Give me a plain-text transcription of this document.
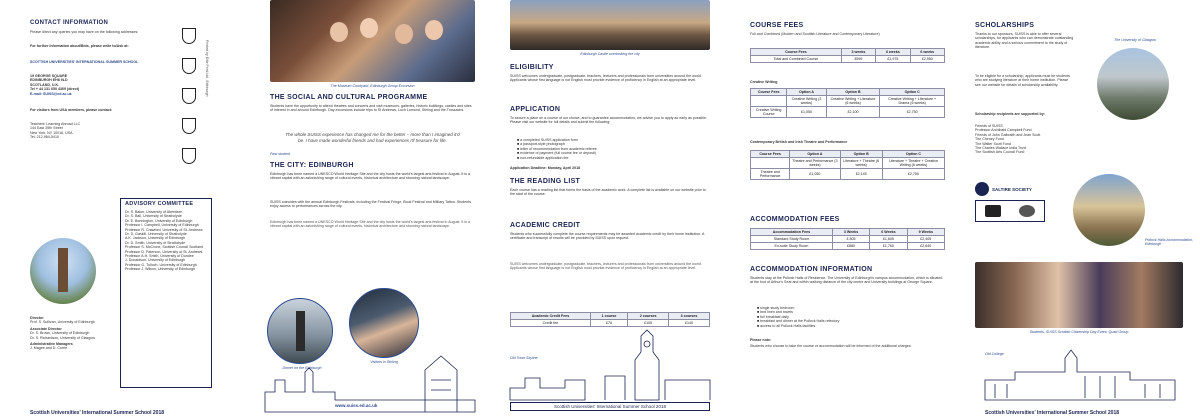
CONTACT INFORMATION
Please direct any queries you may have on the following addresses:
For further information about/Bids, please write to/Ask at:
SCOTTISH UNIVERSITIES' INTERNATIONAL SUMMER SCHOOL
19 GEORGE SQUARE
EDINBURGH EH8 9LD
SCOTLAND, U.K.
Tel + 44 131 650 4369 (direct)
E-mail: SUISS@ed.ac.uk
For visitors from USA members, please contact:
Teachers' Learning Abroad LLC
144 East 39th Street
New York, NY 10016, USA
Tel: 212-984-5410
Printed by Elite Print Ltd., Edinburgh
Director
Prof. S. Sullivan, University of Edinburgh
Associate Director
Dr. S. Brown, University of Edinburgh
Dr. S. Richardson, University of Glasgow
Administrative Managers
J. Magee and D. Currie
ADVISORY COMMITTEE
Dr. S. Baker, University of Aberdeen
Dr. S. Ball, University of Strathclyde
Dr. E. Bonnington, University of Edinburgh
Professor I. Campbell, University of Edinburgh
Professor R. Crawford, University of St. Andrews
Dr. D. Gaskill, University of Strathclyde
A.K. Jackson, University of Edinburgh
Dr. D. Smith, University of Strathclyde
Professor S. McCrone, Scottish Council Scotland
Professor D. Paterson, University of St. Andrews
Professor A.H. Smith, University of Dundee
J. Donaldson, University of Edinburgh
Professor G. Tulloch, University of Edinburgh
Professor J. Wilson, University of Edinburgh
Scottish Universities' International Summer School 2018
The Museum Courtyard, Edinburgh Group Excursion
THE SOCIAL AND CULTURAL PROGRAMME
Students have the opportunity to attend theatres and concerts and visit museums, galleries, historic buildings, castles and sites of interest in and around Edinburgh. Day excursions include trips to St Andrews, Loch Lomond, Stirling and the Trossachs.
The whole SUISS experience has changed me for the better – more than I imagined it'd be. I have made wonderful friends and had experiences I'll treasure for life.
Past student
THE CITY: EDINBURGH
Edinburgh has been named a UNESCO World Heritage Site and the city hosts the world's largest arts festival in August. It is a vibrant capital with an astonishing range of cultural events, historical architecture and stunning natural landscape.
SUISS coincides with the annual Edinburgh Festivals, including the Festival Fringe, Book Festival and Military Tattoo. Students enjoy access to performances across the city.
Edinburgh has been named a UNESCO World Heritage Site and the city hosts the world's largest arts festival in August. It is a vibrant capital with an astonishing range of cultural events, historical architecture and stunning natural landscape.
Dinner on the Edinburgh
Visitors in Stirling
www.suiss.ed.ac.uk
Edinburgh Castle overlooking the city
ELIGIBILITY
SUISS welcomes undergraduate, postgraduate, teachers, lecturers and professionals from universities around the world. Applicants whose first language is not English must provide evidence of proficiency in English at an appropriate level.
APPLICATION
To secure a place on a course of our choice, and to guarantee accommodation, we advise you to apply as early as possible. Please visit our website for full details and submit the following:
■ a completed SUISS application form
■ a passport-style photograph
■ letter of recommendation from academic referee
■ evidence of payment (full course fee or deposit)
■ non-refundable application fee
Application Deadline: Monday, April 2018
THE READING LIST
Each course has a reading list that forms the basis of the academic work. A complete list is available on our website prior to the start of the course.
ACADEMIC CREDIT
Students who successfully complete the course requirements may be awarded academic credit by their home institution. A certificate and transcript of results will be provided by SUISS upon request.
SUISS welcomes undergraduate, postgraduate, teachers, lecturers and professionals from universities around the world. Applicants whose first language is not English must provide evidence of proficiency in English at an appropriate level.
Academic Credit Fees	1 course	2 courses	3 courses
Credit fee	£70	£105	£140
Old Town Skyline
Scottish Universities' International Summer School 2018
COURSE FEES
Full and Combined (Modern and Scottish Literature and Contemporary Literature)
Course Fees	3 weeks	6 weeks	6 weeks
Total and Combined Course	£999	£1,975	£2,950
Creative Writing
Course Fees	Option A	Option B	Option C
	Creative Writing (3 weeks)	Creative Writing + Literature (6 weeks)	Creative Writing + Literature + Drama (6 weeks)
Creative Writing Course	£1,050	£2,100	£2,750
Contemporary British and Irish Theatre and Performance
Course Fees	Option A	Option B	Option C
	Theatre and Performance (3 weeks)	Literature + Theatre (6 weeks)	Literature + Theatre + Creative Writing (6 weeks)
Theatre and Performance	£1,050	£2,145	£2,750
ACCOMMODATION FEES
Accommodation Fees	3 Weeks	6 Weeks	9 Weeks
Standard Study Room	£ 805	£1,605	£2,405
En-suite Study Room	£880	£1,760	£2,640
ACCOMMODATION INFORMATION
Students stay at the Pollock Halls of Residence, The University of Edinburgh's campus accommodation, which is situated at the foot of Arthur's Seat and within walking distance of the city centre and University buildings at George Square.
■ single study bedroom
■ bed linen and towels
■ full breakfast daily
■ breakfast and dinner at the Pollock Halls refectory
■ access to all Pollock Halls facilities
Please note:
Students who choose to take the course or accommodation will be informed of the additional charges.
SCHOLARSHIPS
Thanks to our sponsors, SUISS is able to offer several scholarships, for applicants who can demonstrate outstanding academic ability and a serious commitment to the study of literature.
To be eligible for a scholarship, applicants must be students who are studying literature at their home institution. Please see our website for details of scholarship availability.
Scholarship recipients are supported by:
Friends of SUISS
Professor Archibald Campbell Fund
Friends of John Galbraith and Jean Scott
The Cheney Fund
The Walter Scott Fund
The Charles Wallace India Trust
The Scottish Arts Council Fund
SALTIRE SOCIETY
The University of Glasgow
Pollock Halls Accommodation, Edinburgh
Students, SUISS Scottish Citizenship Day Event, Quad Group
Old College
Scottish Universities' International Summer School 2018
